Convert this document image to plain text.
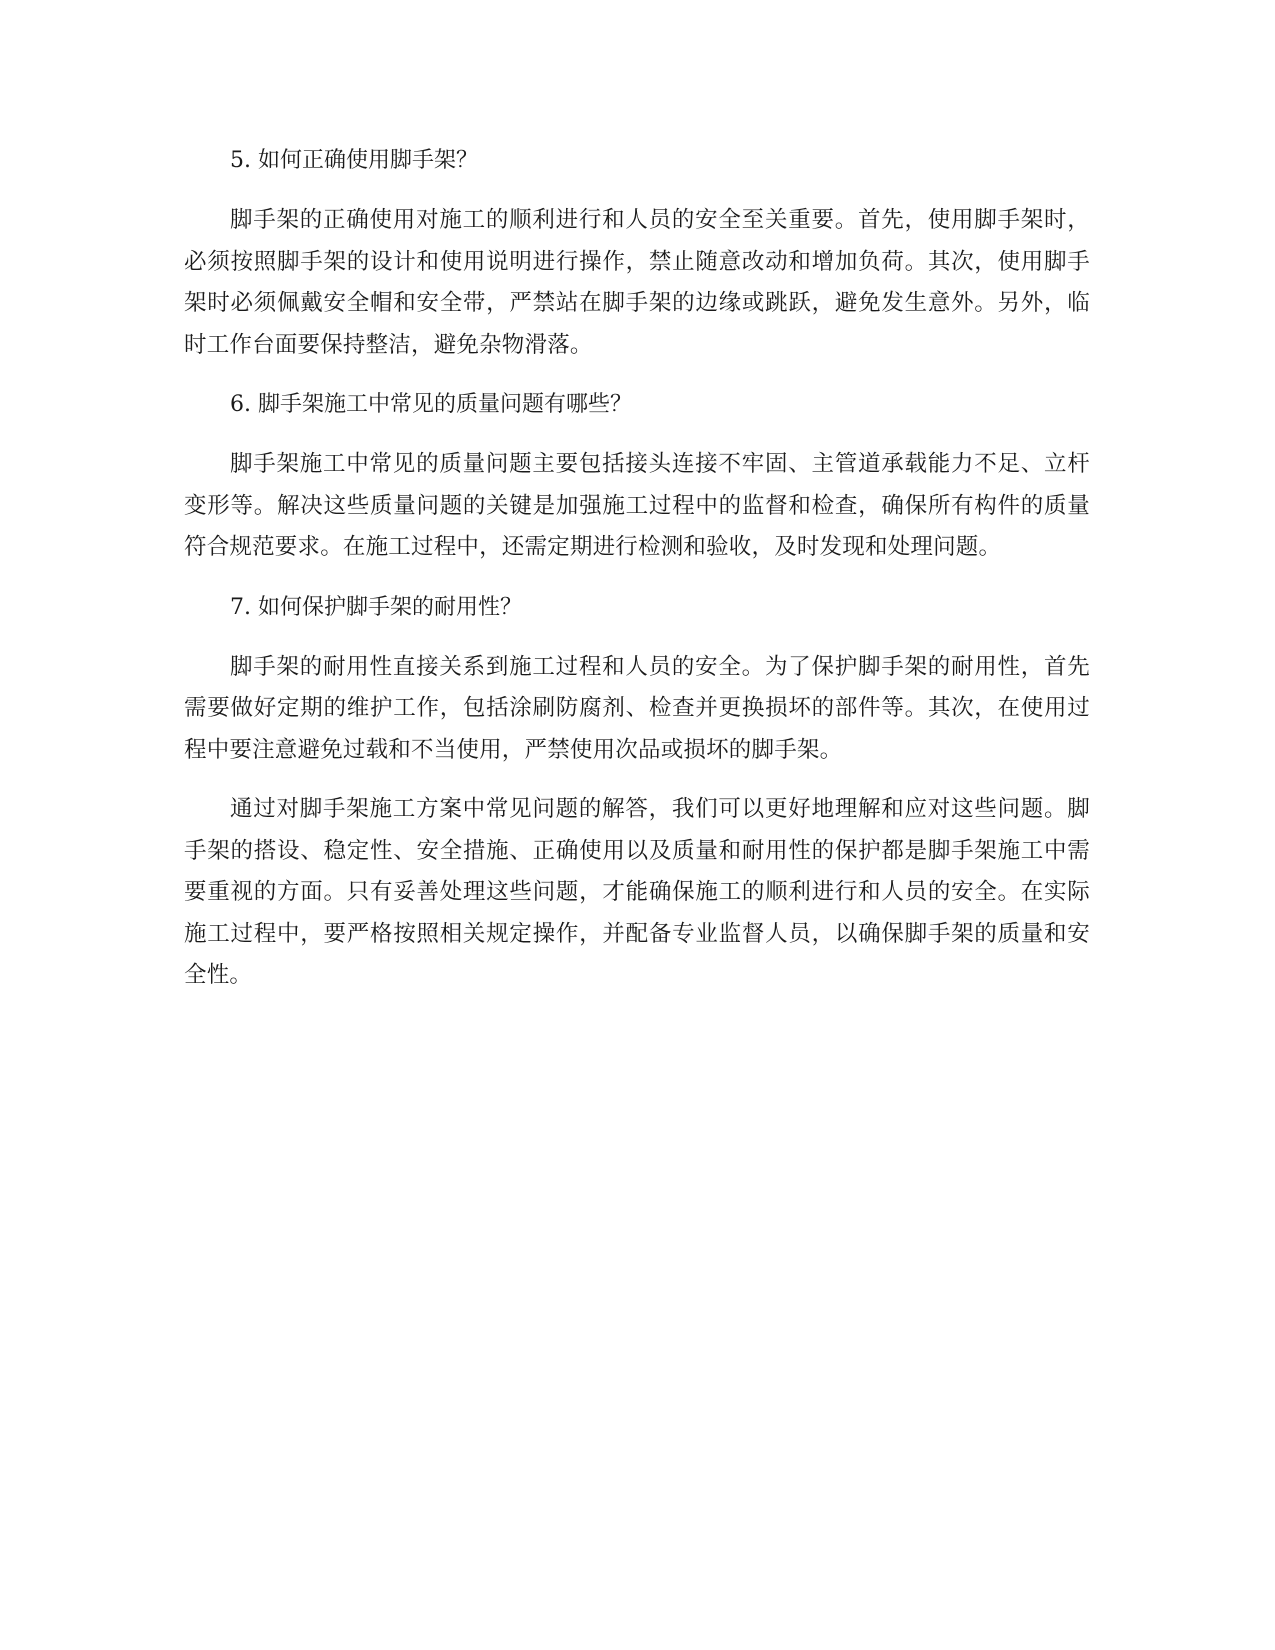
5. 如何正确使用脚手架？

脚手架的正确使用对施工的顺利进行和人员的安全至关重要。首先，使用脚手架时，必须按照脚手架的设计和使用说明进行操作，禁止随意改动和增加负荷。其次，使用脚手架时必须佩戴安全帽和安全带，严禁站在脚手架的边缘或跳跃，避免发生意外。另外，临时工作台面要保持整洁，避免杂物滑落。

6. 脚手架施工中常见的质量问题有哪些？

脚手架施工中常见的质量问题主要包括接头连接不牢固、主管道承载能力不足、立杆变形等。解决这些质量问题的关键是加强施工过程中的监督和检查，确保所有构件的质量符合规范要求。在施工过程中，还需定期进行检测和验收，及时发现和处理问题。

7. 如何保护脚手架的耐用性？

脚手架的耐用性直接关系到施工过程和人员的安全。为了保护脚手架的耐用性，首先需要做好定期的维护工作，包括涂刷防腐剂、检查并更换损坏的部件等。其次，在使用过程中要注意避免过载和不当使用，严禁使用次品或损坏的脚手架。

通过对脚手架施工方案中常见问题的解答，我们可以更好地理解和应对这些问题。脚手架的搭设、稳定性、安全措施、正确使用以及质量和耐用性的保护都是脚手架施工中需要重视的方面。只有妥善处理这些问题，才能确保施工的顺利进行和人员的安全。在实际施工过程中，要严格按照相关规定操作，并配备专业监督人员，以确保脚手架的质量和安全性。
